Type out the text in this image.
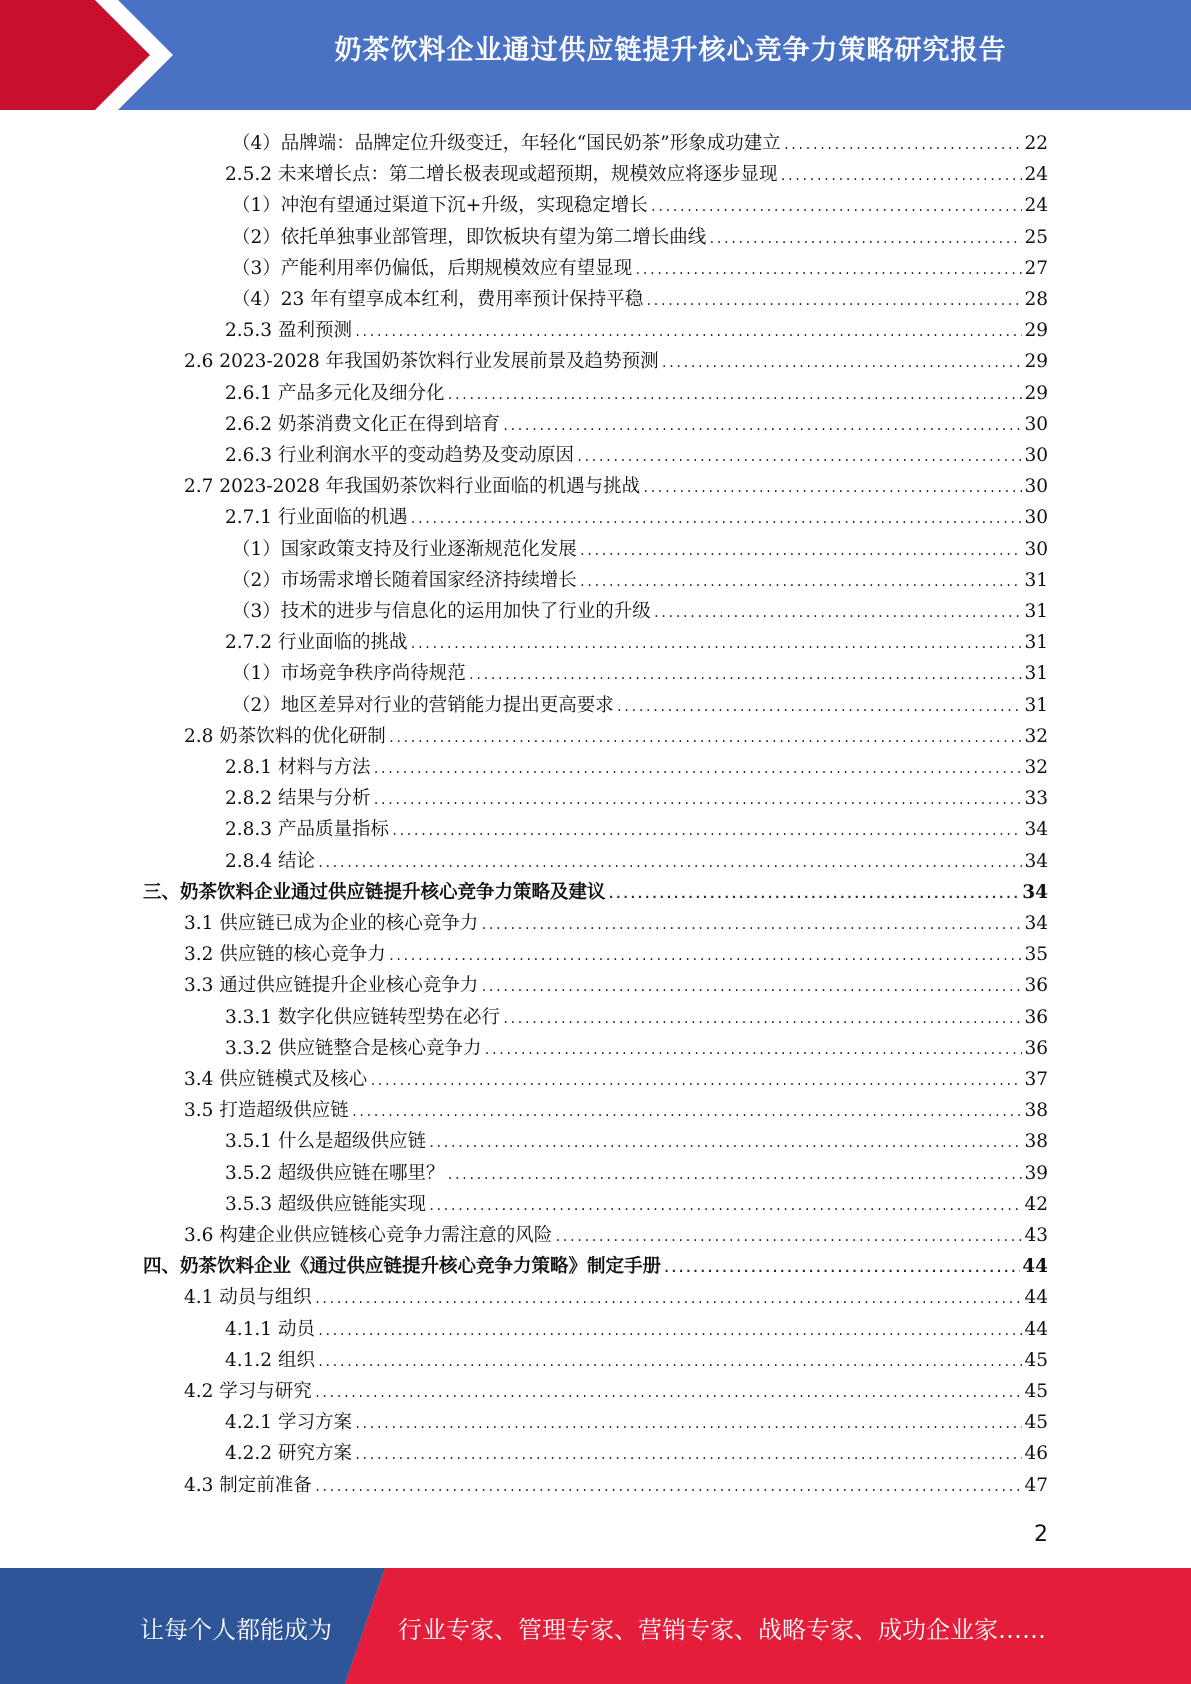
奶茶饮料企业通过供应链提升核心竞争力策略研究报告
（4）品牌端：品牌定位升级变迁，年轻化“国民奶茶”形象成功建立 .....	22
2.5.2 未来增长点：第二增长极表现或超预期，规模效应将逐步显现 .....	24
（1）冲泡有望通过渠道下沉+升级，实现稳定增长 .....	24
（2）依托单独事业部管理，即饮板块有望为第二增长曲线 .....	25
（3）产能利用率仍偏低，后期规模效应有望显现 .....	27
（4）23 年有望享成本红利，费用率预计保持平稳 .....	28
2.5.3 盈利预测 .....	29
2.6 2023-2028 年我国奶茶饮料行业发展前景及趋势预测 .....	29
2.6.1 产品多元化及细分化 .....	29
2.6.2 奶茶消费文化正在得到培育 .....	30
2.6.3 行业利润水平的变动趋势及变动原因 .....	30
2.7 2023-2028 年我国奶茶饮料行业面临的机遇与挑战 .....	30
2.7.1 行业面临的机遇 .....	30
（1）国家政策支持及行业逐渐规范化发展 .....	30
（2）市场需求增长随着国家经济持续增长 .....	31
（3）技术的进步与信息化的运用加快了行业的升级 .....	31
2.7.2 行业面临的挑战 .....	31
（1）市场竞争秩序尚待规范 .....	31
（2）地区差异对行业的营销能力提出更高要求 .....	31
2.8 奶茶饮料的优化研制 .....	32
2.8.1 材料与方法 .....	32
2.8.2 结果与分析 .....	33
2.8.3 产品质量指标 .....	34
2.8.4 结论 .....	34
三、奶茶饮料企业通过供应链提升核心竞争力策略及建议 .....	34
3.1 供应链已成为企业的核心竞争力 .....	34
3.2 供应链的核心竞争力 .....	35
3.3 通过供应链提升企业核心竞争力 .....	36
3.3.1 数字化供应链转型势在必行 .....	36
3.3.2 供应链整合是核心竞争力 .....	36
3.4 供应链模式及核心 .....	37
3.5 打造超级供应链 .....	38
3.5.1 什么是超级供应链 .....	38
3.5.2 超级供应链在哪里？ .....	39
3.5.3 超级供应链能实现 .....	42
3.6 构建企业供应链核心竞争力需注意的风险 .....	43
四、奶茶饮料企业《通过供应链提升核心竞争力策略》制定手册 .....	44
4.1 动员与组织 .....	44
4.1.1 动员 .....	44
4.1.2 组织 .....	45
4.2 学习与研究 .....	45
4.2.1 学习方案 .....	45
4.2.2 研究方案 .....	46
4.3 制定前准备 .....	47
2
让每个人都能成为	行业专家、管理专家、营销专家、战略专家、成功企业家……
